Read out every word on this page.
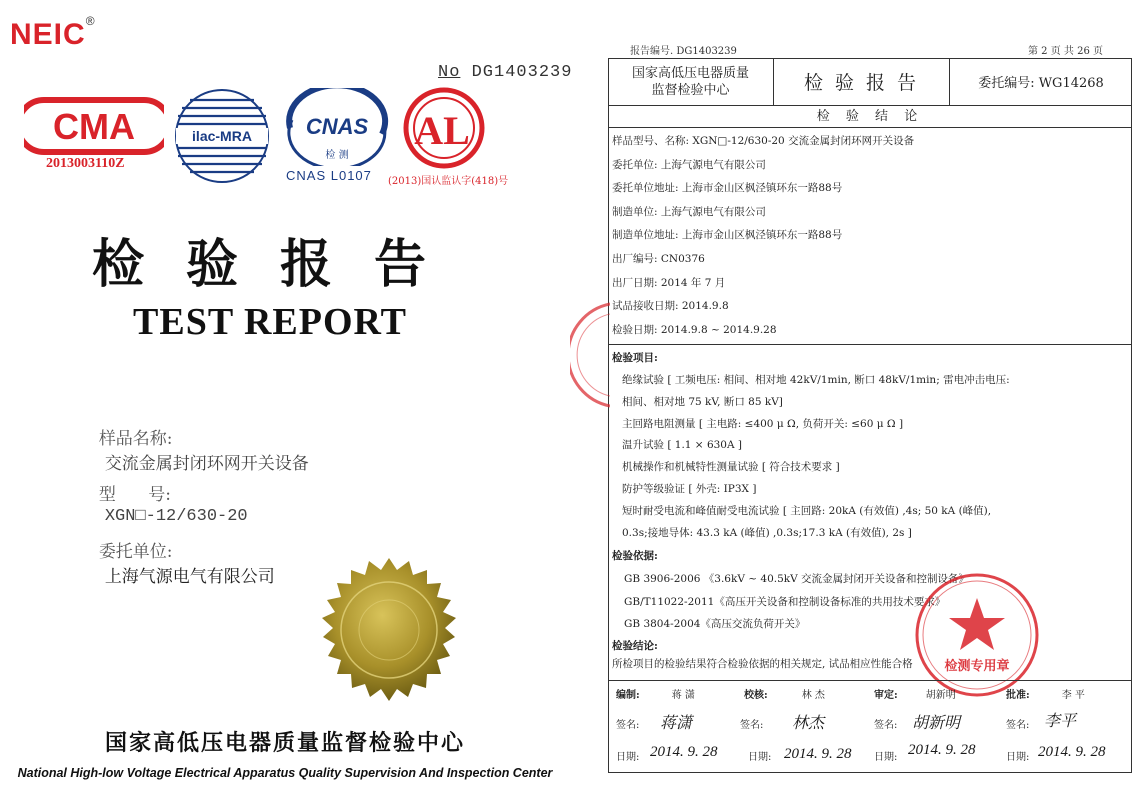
NEIC®
No DG1403239
CMA
2013003110Z
ilac-MRA CNAS
检 测
CNAS L0107
AL
(2013)国认监认字(418)号
检验报告
TEST REPORT

样品名称:
交流金属封闭环网开关设备

型      号:
XGN□-12/630-20

委托单位:
上海气源电气有限公司

国家高低压电器质量监督检验中心
National High-low Voltage Electrical Apparatus Quality Supervision And Inspection Center
报告编号. DG1403239	第 2 页 共 26 页
国家高低压电器质量
监督检验中心	检 验 报 告	委托编号: WG14268
检 验 结 论
样品型号、名称: XGN□-12/630-20 交流金属封闭环网开关设备
委托单位: 上海气源电气有限公司
委托单位地址: 上海市金山区枫泾镇环东一路88号
制造单位: 上海气源电气有限公司
制造单位地址: 上海市金山区枫泾镇环东一路88号
出厂编号: CN0376
出厂日期: 2014 年 7 月
试品接收日期: 2014.9.8
检验日期: 2014.9.8 ~ 2014.9.28
检验项目:
绝缘试验 [ 工频电压: 相间、相对地 42kV/1min, 断口 48kV/1min; 雷电冲击电压:
相间、相对地 75 kV, 断口 85 kV]
主回路电阻测量 [ 主电路: ≤400 μ Ω, 负荷开关: ≤60 μ Ω ]
温升试验 [ 1.1 × 630A ]
机械操作和机械特性测量试验 [ 符合技术要求 ]
防护等级验证 [ 外壳: IP3X ]
短时耐受电流和峰值耐受电流试验 [ 主回路: 20kA (有效值) ,4s; 50 kA (峰值),
0.3s;接地导体: 43.3 kA (峰值) ,0.3s;17.3 kA (有效值), 2s ]
检验依据:
GB 3906-2006 《3.6kV ~ 40.5kV 交流金属封闭开关设备和控制设备》
GB/T11022-2011《高压开关设备和控制设备标准的共用技术要求》
GB 3804-2004《高压交流负荷开关》
检验结论:
所检项目的检验结果符合检验依据的相关规定, 试品相应性能合格 检测专用章
编制:	蒋 潇	校核:	林 杰	审定:	胡新明	批准:	李 平
签名: 蒋潇	签名: 林杰	签名: 胡新明	签名: 李平
日期: 2014. 9. 28	日期: 2014. 9. 28 日期: 2014. 9. 28	日期: 2014. 9. 28
